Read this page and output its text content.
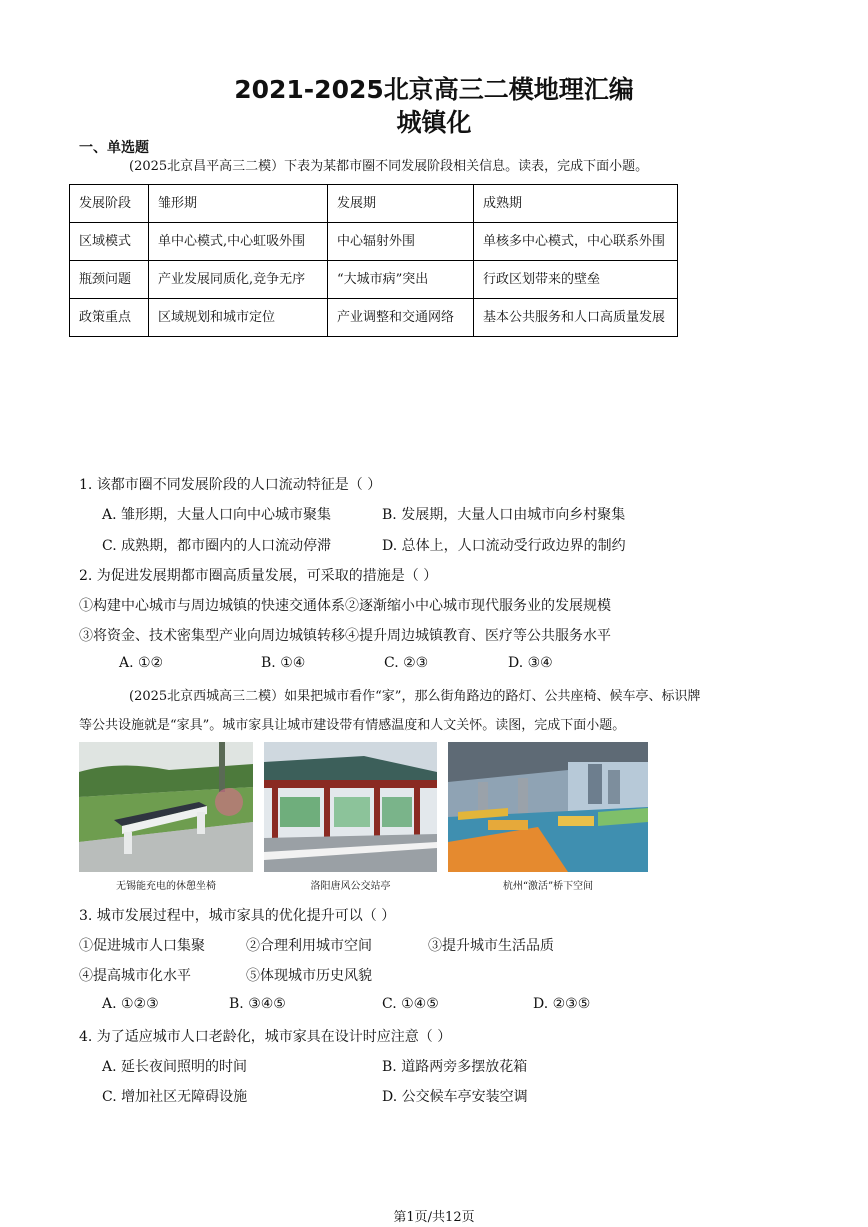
2021-2025北京高三二模地理汇编
城镇化
一、单选题
(2025北京昌平高三二模）下表为某都市圈不同发展阶段相关信息。读表，完成下面小题。
发展阶段	雏形期	发展期	成熟期
区域模式	单中心模式,中心虹吸外围	中心辐射外围	单核多中心模式，中心联系外围
瓶颈问题	产业发展同质化,竞争无序	“大城市病”突出	行政区划带来的壁垒
政策重点	区域规划和城市定位	产业调整和交通网络	基本公共服务和人口高质量发展
1. 该都市圈不同发展阶段的人口流动特征是（ ）
A. 雏形期，大量人口向中心城市聚集	B. 发展期，大量人口由城市向乡村聚集
C. 成熟期，都市圈内的人口流动停滞	D. 总体上，人口流动受行政边界的制约
2. 为促进发展期都市圈高质量发展，可采取的措施是（ ）
①构建中心城市与周边城镇的快速交通体系②逐渐缩小中心城市现代服务业的发展规模
③将资金、技术密集型产业向周边城镇转移④提升周边城镇教育、医疗等公共服务水平
A. ①②	B. ①④	C. ②③	D. ③④
(2025北京西城高三二模）如果把城市看作“家”，那么街角路边的路灯、公共座椅、候车亭、标识牌
等公共设施就是“家具”。城市家具让城市建设带有情感温度和人文关怀。读图，完成下面小题。
无锡能充电的休憩坐椅	洛阳唐风公交站亭	杭州“激活”桥下空间
3. 城市发展过程中，城市家具的优化提升可以（ ）
①促进城市人口集聚	②合理利用城市空间	③提升城市生活品质
④提高城市化水平	⑤体现城市历史风貌
A. ①②③	B. ③④⑤	C. ①④⑤	D. ②③⑤
4. 为了适应城市人口老龄化，城市家具在设计时应注意（ ）
A. 延长夜间照明的时间	B. 道路两旁多摆放花箱
C. 增加社区无障碍设施	D. 公交候车亭安装空调
第1页/共12页
